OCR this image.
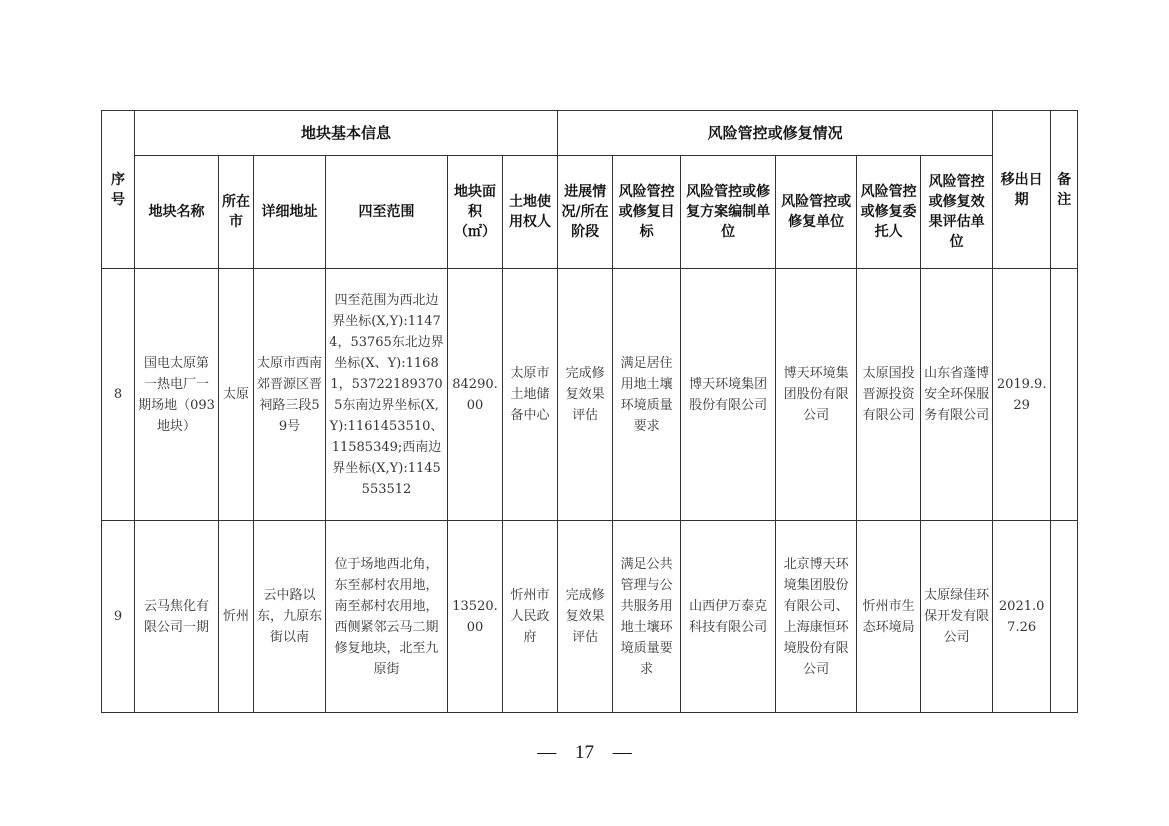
序号	地块基本信息						风险管控或修复情况						移出日期	备注
	地块名称	所在市	详细地址	四至范围	地块面积（㎡）	土地使用权人	进展情况/所在阶段	风险管控或修复目标	风险管控或修复方案编制单位	风险管控或修复单位	风险管控或修复委托人	风险管控或修复效果评估单位		
8	国电太原第一热电厂一期场地（093地块）	太原	太原市西南郊晋源区晋祠路三段59号	四至范围为西北边界坐标(X,Y):11474，53765东北边界坐标(X、Y):11681，537221893705东南边界坐标(X,Y):1161453510、11585349;西南边界坐标(X,Y):1145553512	84290.00	太原市土地储备中心	完成修复效果评估	满足居住用地土壤环境质量要求	博天环境集团股份有限公司	博天环境集团股份有限公司	太原国投晋源投资有限公司	山东省蓬博安全环保服务有限公司	2019.9.29	
9	云马焦化有限公司一期	忻州	云中路以东，九原东街以南	位于场地西北角，东至郝村农用地，南至郝村农用地，西侧紧邻云马二期修复地块，北至九原街	13520.00	忻州市人民政府	完成修复效果评估	满足公共管理与公共服务用地土壤环境质量要求	山西伊万泰克科技有限公司	北京博天环境集团股份有限公司、上海康恒环境股份有限公司	忻州市生态环境局	太原绿佳环保开发有限公司	2021.07.26	
— 17 —
